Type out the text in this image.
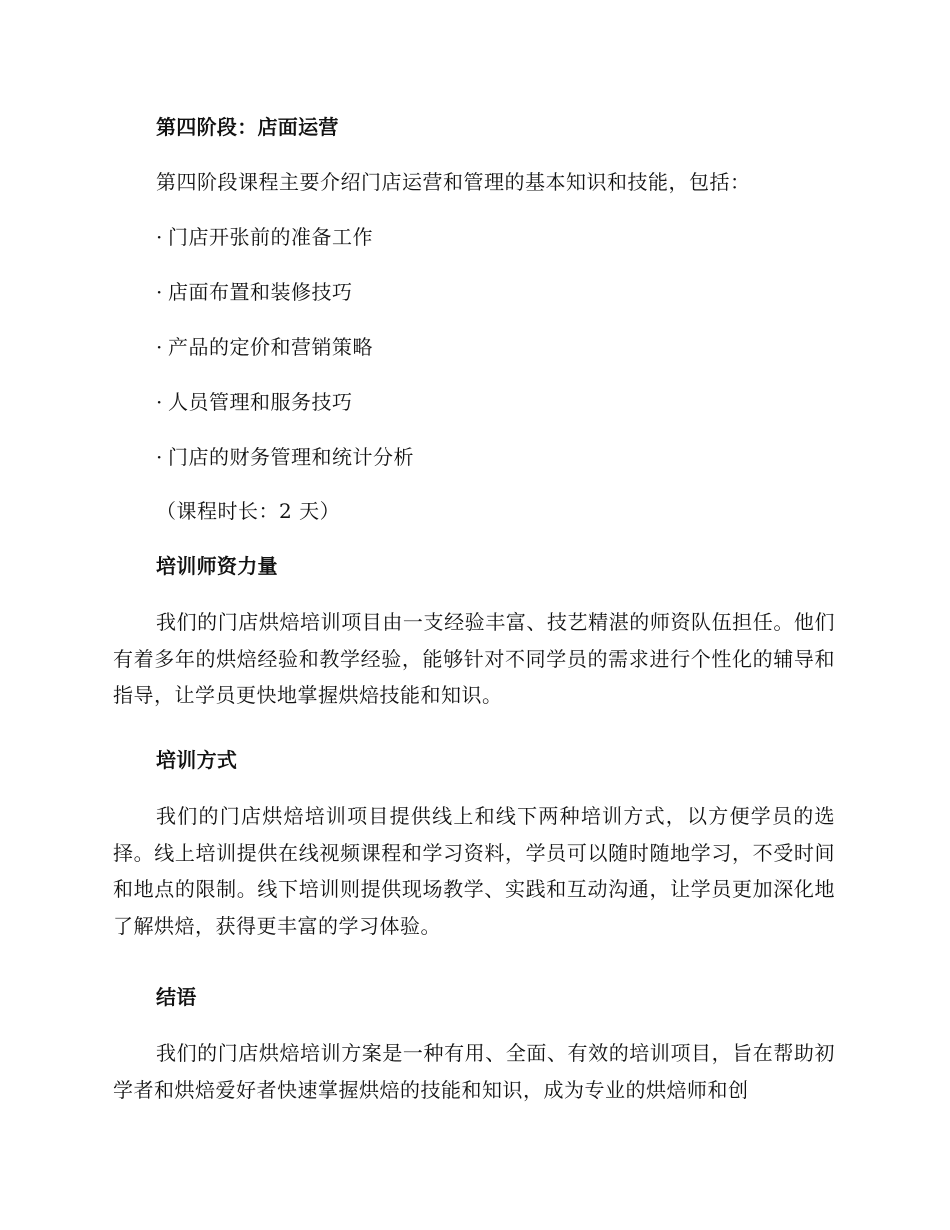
第四阶段：店面运营
第四阶段课程主要介绍门店运营和管理的基本知识和技能，包括：
· 门店开张前的准备工作
· 店面布置和装修技巧
· 产品的定价和营销策略
· 人员管理和服务技巧
· 门店的财务管理和统计分析
（课程时长：2 天）
培训师资力量

我们的门店烘焙培训项目由一支经验丰富、技艺精湛的师资队伍担任。他们有着多年的烘焙经验和教学经验，能够针对不同学员的需求进行个性化的辅导和指导，让学员更快地掌握烘焙技能和知识。

培训方式

我们的门店烘焙培训项目提供线上和线下两种培训方式，以方便学员的选择。线上培训提供在线视频课程和学习资料，学员可以随时随地学习，不受时间和地点的限制。线下培训则提供现场教学、实践和互动沟通，让学员更加深化地了解烘焙，获得更丰富的学习体验。

结语

我们的门店烘焙培训方案是一种有用、全面、有效的培训项目，旨在帮助初学者和烘焙爱好者快速掌握烘焙的技能和知识，成为专业的烘焙师和创
